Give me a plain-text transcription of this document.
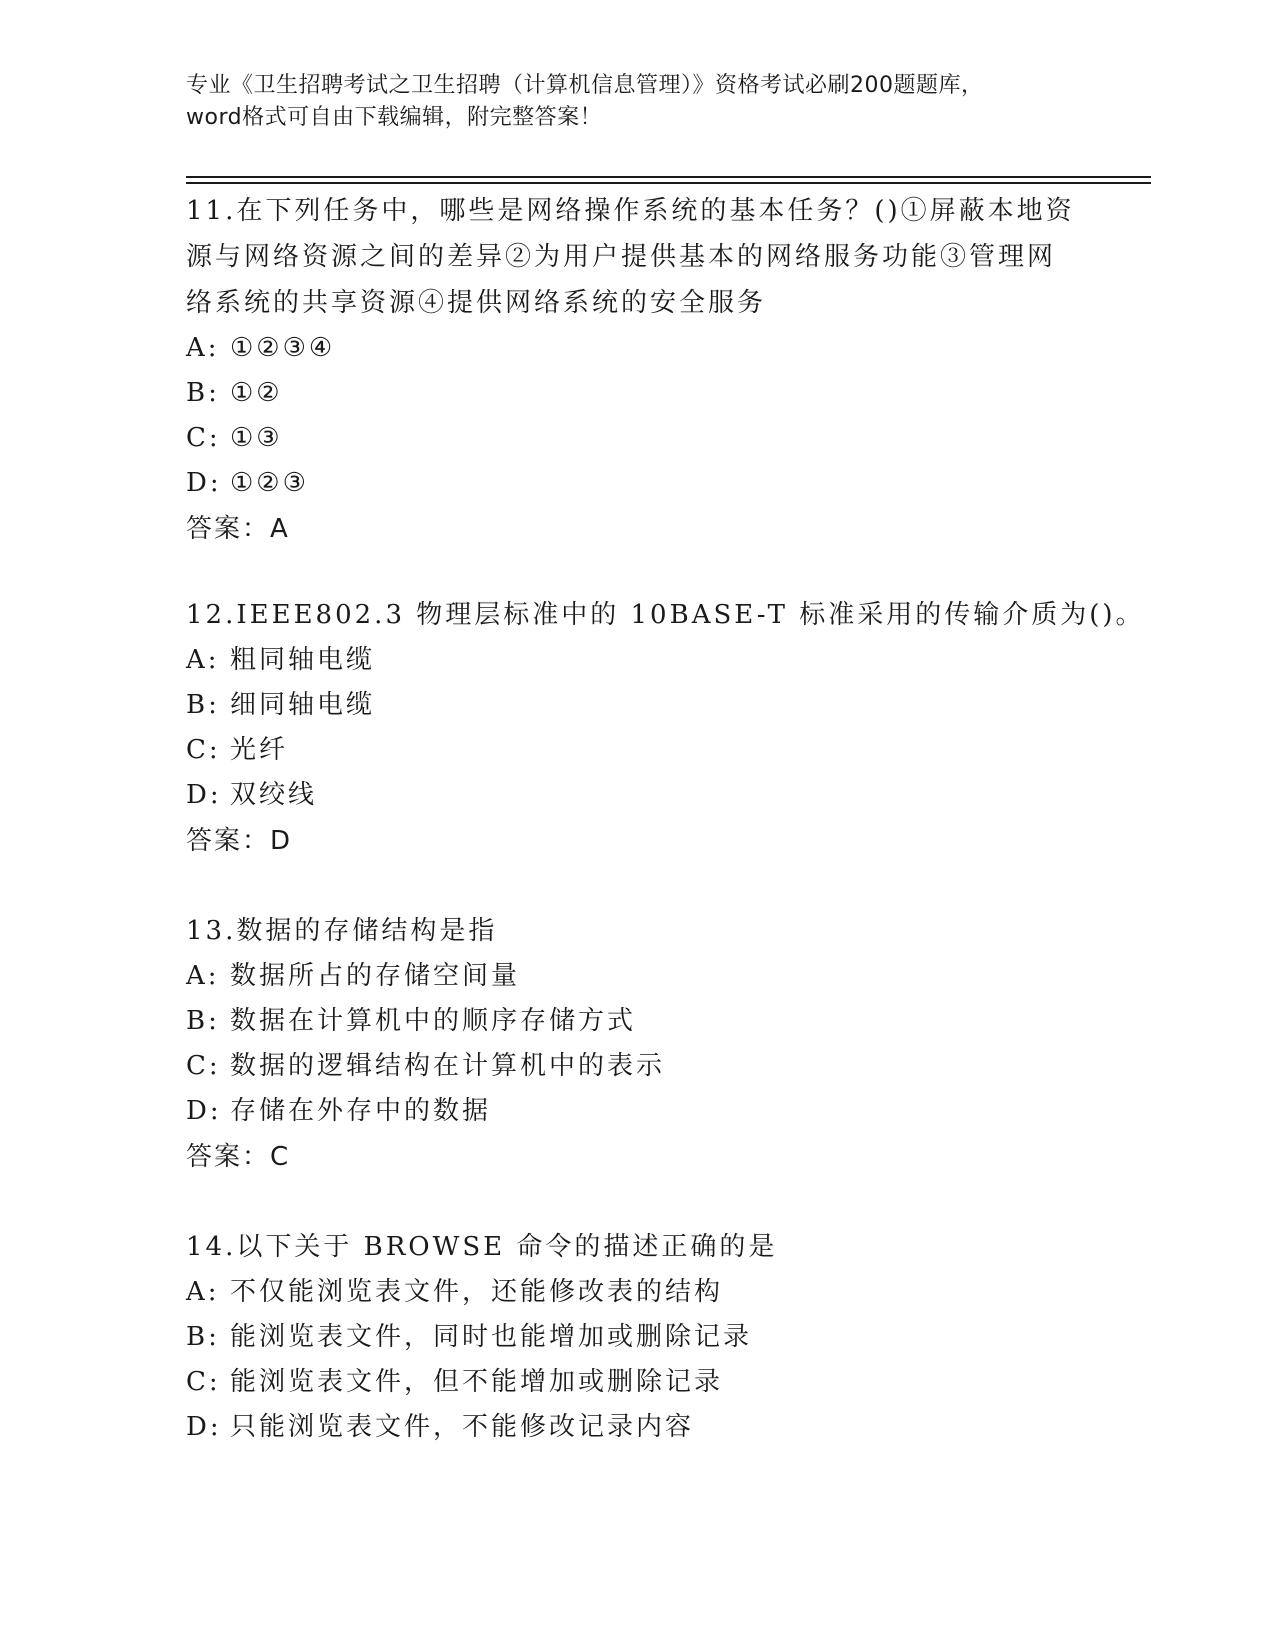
专业《卫生招聘考试之卫生招聘（计算机信息管理）》资格考试必刷200题题库，
word格式可自由下载编辑，附完整答案！
11.在下列任务中，哪些是网络操作系统的基本任务？()①屏蔽本地资
源与网络资源之间的差异②为用户提供基本的网络服务功能③管理网
络系统的共享资源④提供网络系统的安全服务
A: ①②③④
B: ①②
C: ①③
D: ①②③
答案：A
12.IEEE802.3 物理层标准中的 10BASE-T 标准采用的传输介质为()。
A: 粗同轴电缆
B: 细同轴电缆
C: 光纤
D: 双绞线
答案：D
13.数据的存储结构是指
A: 数据所占的存储空间量
B: 数据在计算机中的顺序存储方式
C: 数据的逻辑结构在计算机中的表示
D: 存储在外存中的数据
答案：C
14.以下关于 BROWSE 命令的描述正确的是
A: 不仅能浏览表文件，还能修改表的结构
B: 能浏览表文件，同时也能增加或删除记录
C: 能浏览表文件，但不能增加或删除记录
D: 只能浏览表文件，不能修改记录内容
